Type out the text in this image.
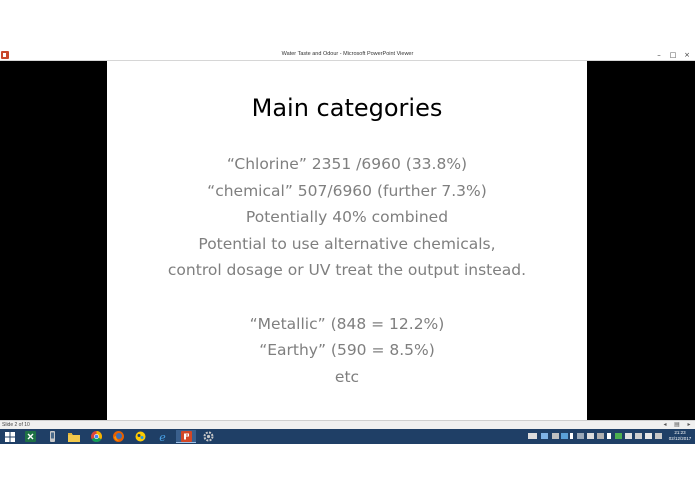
Water Taste and Odour - Microsoft PowerPoint Viewer	–	□	×
Main categories
“Chlorine” 2351 /6960 (33.8%)
“chemical” 507/6960 (further 7.3%)
Potentially 40% combined
Potential to use alternative chemicals,
control dosage or UV treat the output instead.
“Metallic” (848 = 12.2%)
“Earthy” (590 = 8.5%)
etc
Slide 2 of 10	◂	▤	▸
e	21:23
02/12/2017
